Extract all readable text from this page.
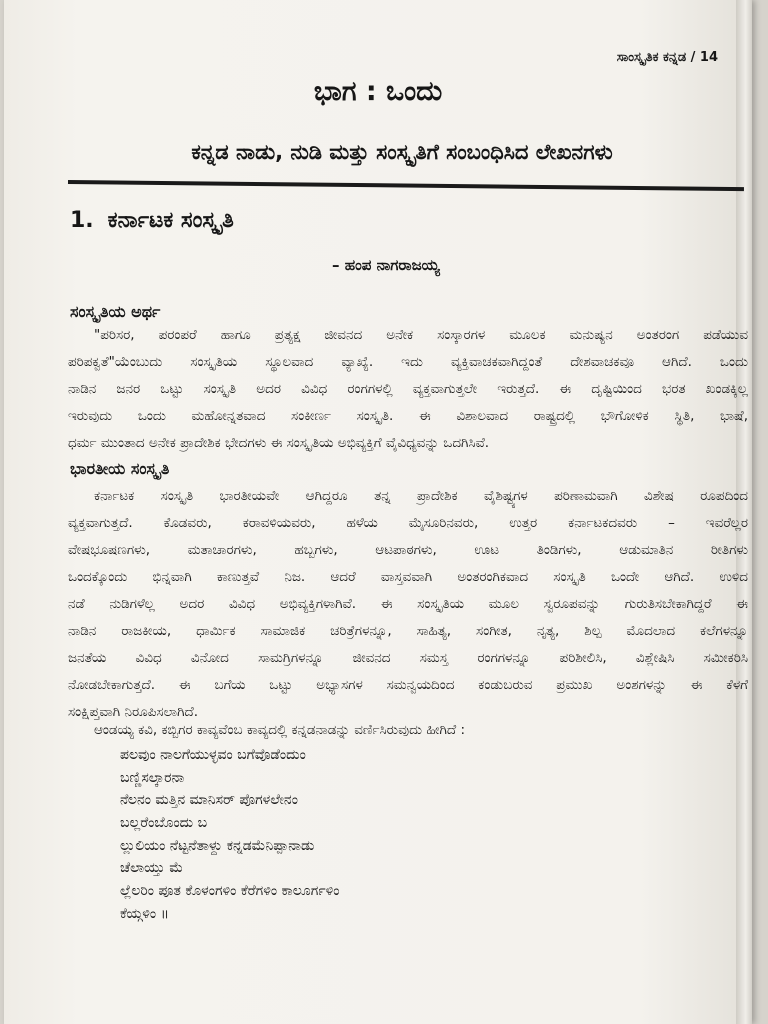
ಸಾಂಸ್ಕೃತಿಕ ಕನ್ನಡ / 14
ಭಾಗ : ಒಂದು
ಕನ್ನಡ ನಾಡು, ನುಡಿ ಮತ್ತು ಸಂಸ್ಕೃತಿಗೆ ಸಂಬಂಧಿಸಿದ ಲೇಖನಗಳು
1. ಕರ್ನಾಟಕ ಸಂಸ್ಕೃತಿ
– ಹಂಪ ನಾಗರಾಜಯ್ಯ
ಸಂಸ್ಕೃತಿಯ ಅರ್ಥ
"ಪರಿಸರ, ಪರಂಪರೆ ಹಾಗೂ ಪ್ರತ್ಯಕ್ಷ ಜೀವನದ ಅನೇಕ ಸಂಸ್ಕಾರಗಳ ಮೂಲಕ ಮನುಷ್ಯನ ಅಂತರಂಗ ಪಡೆಯುವ
ಪರಿಪಕ್ವತೆ"ಯೆಂಬುದು ಸಂಸ್ಕೃತಿಯ ಸ್ಥೂಲವಾದ ವ್ಯಾಖ್ಯೆ. ಇದು ವ್ಯಕ್ತಿವಾಚಕವಾಗಿದ್ದಂತೆ ದೇಶವಾಚಕವೂ ಆಗಿದೆ. ಒಂದು
ನಾಡಿನ ಜನರ ಒಟ್ಟು ಸಂಸ್ಕೃತಿ ಅದರ ವಿವಿಧ ರಂಗಗಳಲ್ಲಿ ವ್ಯಕ್ತವಾಗುತ್ತಲೇ ಇರುತ್ತದೆ. ಈ ದೃಷ್ಟಿಯಿಂದ ಭರತ ಖಂಡಕ್ಕಿಲ್ಲ
ಇರುವುದು ಒಂದು ಮಹೋನ್ನತವಾದ ಸಂಕೀರ್ಣ ಸಂಸ್ಕೃತಿ. ಈ ವಿಶಾಲವಾದ ರಾಷ್ಟ್ರದಲ್ಲಿ ಭೌಗೋಳಿಕ ಸ್ಥಿತಿ, ಭಾಷೆ,
ಧರ್ಮ ಮುಂತಾದ ಅನೇಕ ಪ್ರಾದೇಶಿಕ ಭೇದಗಳು ಈ ಸಂಸ್ಕೃತಿಯ ಅಭಿವ್ಯಕ್ತಿಗೆ ವೈವಿಧ್ಯವನ್ನು ಒದಗಿಸಿವೆ.
ಭಾರತೀಯ ಸಂಸ್ಕೃತಿ
ಕರ್ನಾಟಕ ಸಂಸ್ಕೃತಿ ಭಾರತೀಯವೇ ಆಗಿದ್ದರೂ ತನ್ನ ಪ್ರಾದೇಶಿಕ ವೈಶಿಷ್ಟ್ಯಗಳ ಪರಿಣಾಮವಾಗಿ ವಿಶೇಷ ರೂಪದಿಂದ
ವ್ಯಕ್ತವಾಗುತ್ತದೆ. ಕೊಡವರು, ಕರಾವಳಿಯವರು, ಹಳೆಯ ಮೈಸೂರಿನವರು, ಉತ್ತರ ಕರ್ನಾಟಕದವರು – ಇವರೆಲ್ಲರ
ವೇಷಭೂಷಣಗಳು, ಮತಾಚಾರಗಳು, ಹಬ್ಬಗಳು, ಆಟಪಾಠಗಳು, ಊಟ ತಿಂಡಿಗಳು, ಆಡುಮಾತಿನ ರೀತಿಗಳು
ಒಂದಕ್ಕೊಂದು ಭಿನ್ನವಾಗಿ ಕಾಣುತ್ತವೆ ನಿಜ. ಆದರೆ ವಾಸ್ತವವಾಗಿ ಅಂತರಂಗಿಕವಾದ ಸಂಸ್ಕೃತಿ ಒಂದೇ ಆಗಿದೆ. ಉಳಿದ
ನಡೆ ನುಡಿಗಳೆಲ್ಲ ಅದರ ವಿವಿಧ ಅಭಿವ್ಯಕ್ತಿಗಳಾಗಿವೆ. ಈ ಸಂಸ್ಕೃತಿಯ ಮೂಲ ಸ್ವರೂಪವನ್ನು ಗುರುತಿಸಬೇಕಾಗಿದ್ದರೆ ಈ
ನಾಡಿನ ರಾಜಕೀಯ, ಧಾರ್ಮಿಕ ಸಾಮಾಜಿಕ ಚರಿತ್ರೆಗಳನ್ನೂ, ಸಾಹಿತ್ಯ, ಸಂಗೀತ, ನೃತ್ಯ, ಶಿಲ್ಪ ಮೊದಲಾದ ಕಲೆಗಳನ್ನೂ
ಜನತೆಯ ವಿವಿಧ ವಿನೋದ ಸಾಮಗ್ರಿಗಳನ್ನೂ ಜೀವನದ ಸಮಸ್ತ ರಂಗಗಳನ್ನೂ ಪರಿಶೀಲಿಸಿ, ವಿಶ್ಲೇಷಿಸಿ ಸಮೀಕರಿಸಿ
ನೋಡಬೇಕಾಗುತ್ತದೆ. ಈ ಬಗೆಯ ಒಟ್ಟು ಅಭ್ಯಾಸಗಳ ಸಮನ್ವಯದಿಂದ ಕಂಡುಬರುವ ಪ್ರಮುಖ ಅಂಶಗಳನ್ನು ಈ ಕೆಳಗೆ
ಸಂಕ್ಷಿಪ್ತವಾಗಿ ನಿರೂಪಿಸಲಾಗಿದೆ.
ಆಂಡಯ್ಯ ಕವಿ, ಕಬ್ಬಿಗರ ಕಾವ್ಯವೆಂಬ ಕಾವ್ಯದಲ್ಲಿ ಕನ್ನಡನಾಡನ್ನು ವರ್ಣಿಸಿರುವುದು ಹೀಗಿದೆ :
ಪಲವುಂ ನಾಲಗೆಯುಳ್ಳವಂ ಬಗೆವೊಡೆಂದುಂ
ಬಣ್ಣಿಸಲ್ಕಾರನಾ
ನೆಲನಂ ಮತ್ತಿನ ಮಾನಿಸರ್ ಪೊಗಳಲೇನಂ
ಬಲ್ಲರೆಂಬೊಂದು ಬ
ಲ್ಲುಲಿಯಂ ನೆಟ್ಟನೆತಾಳ್ದು ಕನ್ನಡಮೆನಿಪ್ಪಾನಾಡು
ಚೆಲಾಯ್ತು ಮೆ
ಲ್ಲೆಲರಿಂ ಪೂತ ಕೊಳಂಗಳಿಂ ಕೆರೆಗಳಿಂ ಕಾಲೂರ್ಗಳಿಂ
ಕೆಯ್ಗಳಿಂ ॥
